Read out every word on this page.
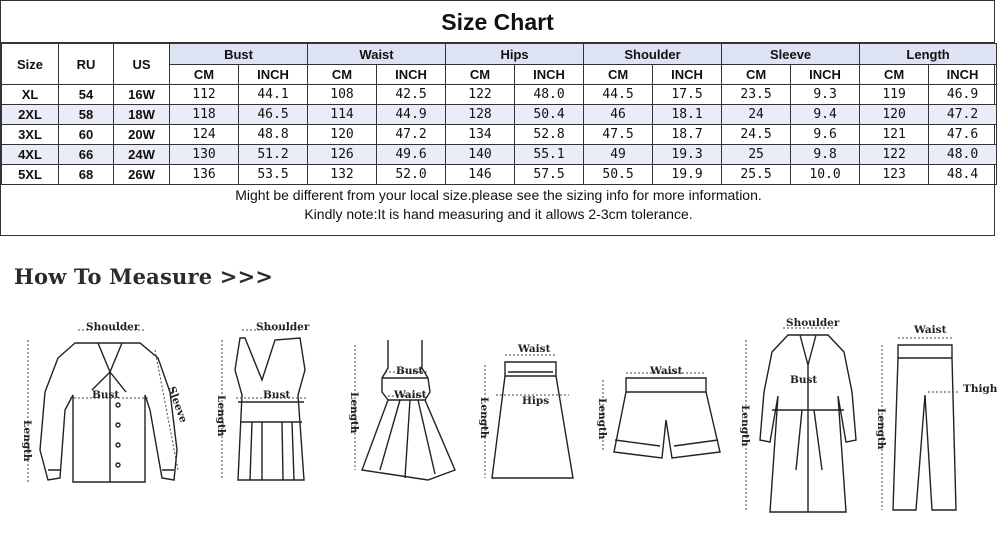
Size Chart
Size	RU	US	Bust		Waist		Hips		Shoulder		Sleeve		Length	
			CM	INCH	CM	INCH	CM	INCH	CM	INCH	CM	INCH	CM	INCH
XL	54	16W	112	44.1	108	42.5	122	48.0	44.5	17.5	23.5	9.3	119	46.9
2XL	58	18W	118	46.5	114	44.9	128	50.4	46	18.1	24	9.4	120	47.2
3XL	60	20W	124	48.8	120	47.2	134	52.8	47.5	18.7	24.5	9.6	121	47.6
4XL	66	24W	130	51.2	126	49.6	140	55.1	49	19.3	25	9.8	122	48.0
5XL	68	26W	136	53.5	132	52.0	146	57.5	50.5	19.9	25.5	10.0	123	48.4
Might be different from your local size.please see the sizing info for more information.
Kindly note:It is hand measuring and it allows 2-3cm tolerance.
How To Measure >>>
Shoulder
Bust
Shoulder
Bust
Bust
Waist
Waist
Hips
Waist
Shoulder
Bust
Waist
Thigh
Length
Sleeve Length	Length	Length	Length	Length	Length
